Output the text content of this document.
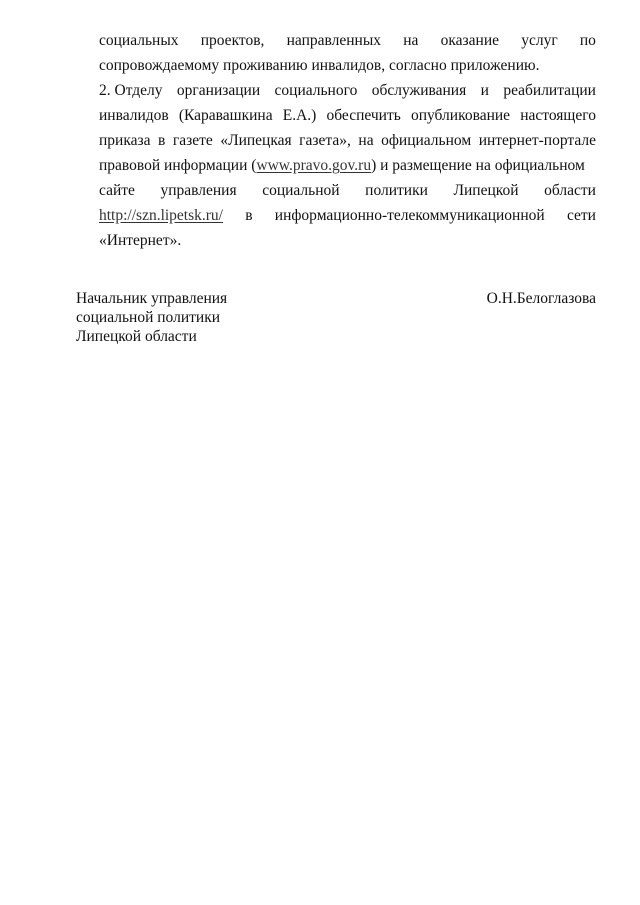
социальных проектов, направленных на оказание услуг по
сопровождаемому проживанию инвалидов, согласно приложению.
2. Отделу организации социального обслуживания и реабилитации
инвалидов (Каравашкина Е.А.) обеспечить опубликование настоящего
приказа в газете «Липецкая газета», на официальном интернет-портале
правовой информации (www.pravo.gov.ru) и размещение на официальном
сайте управления социальной политики Липецкой области
http://szn.lipetsk.ru/ в информационно-телекоммуникационной сети
«Интернет».
Начальник управления
социальной политики
Липецкой области
О.Н.Белоглазова
